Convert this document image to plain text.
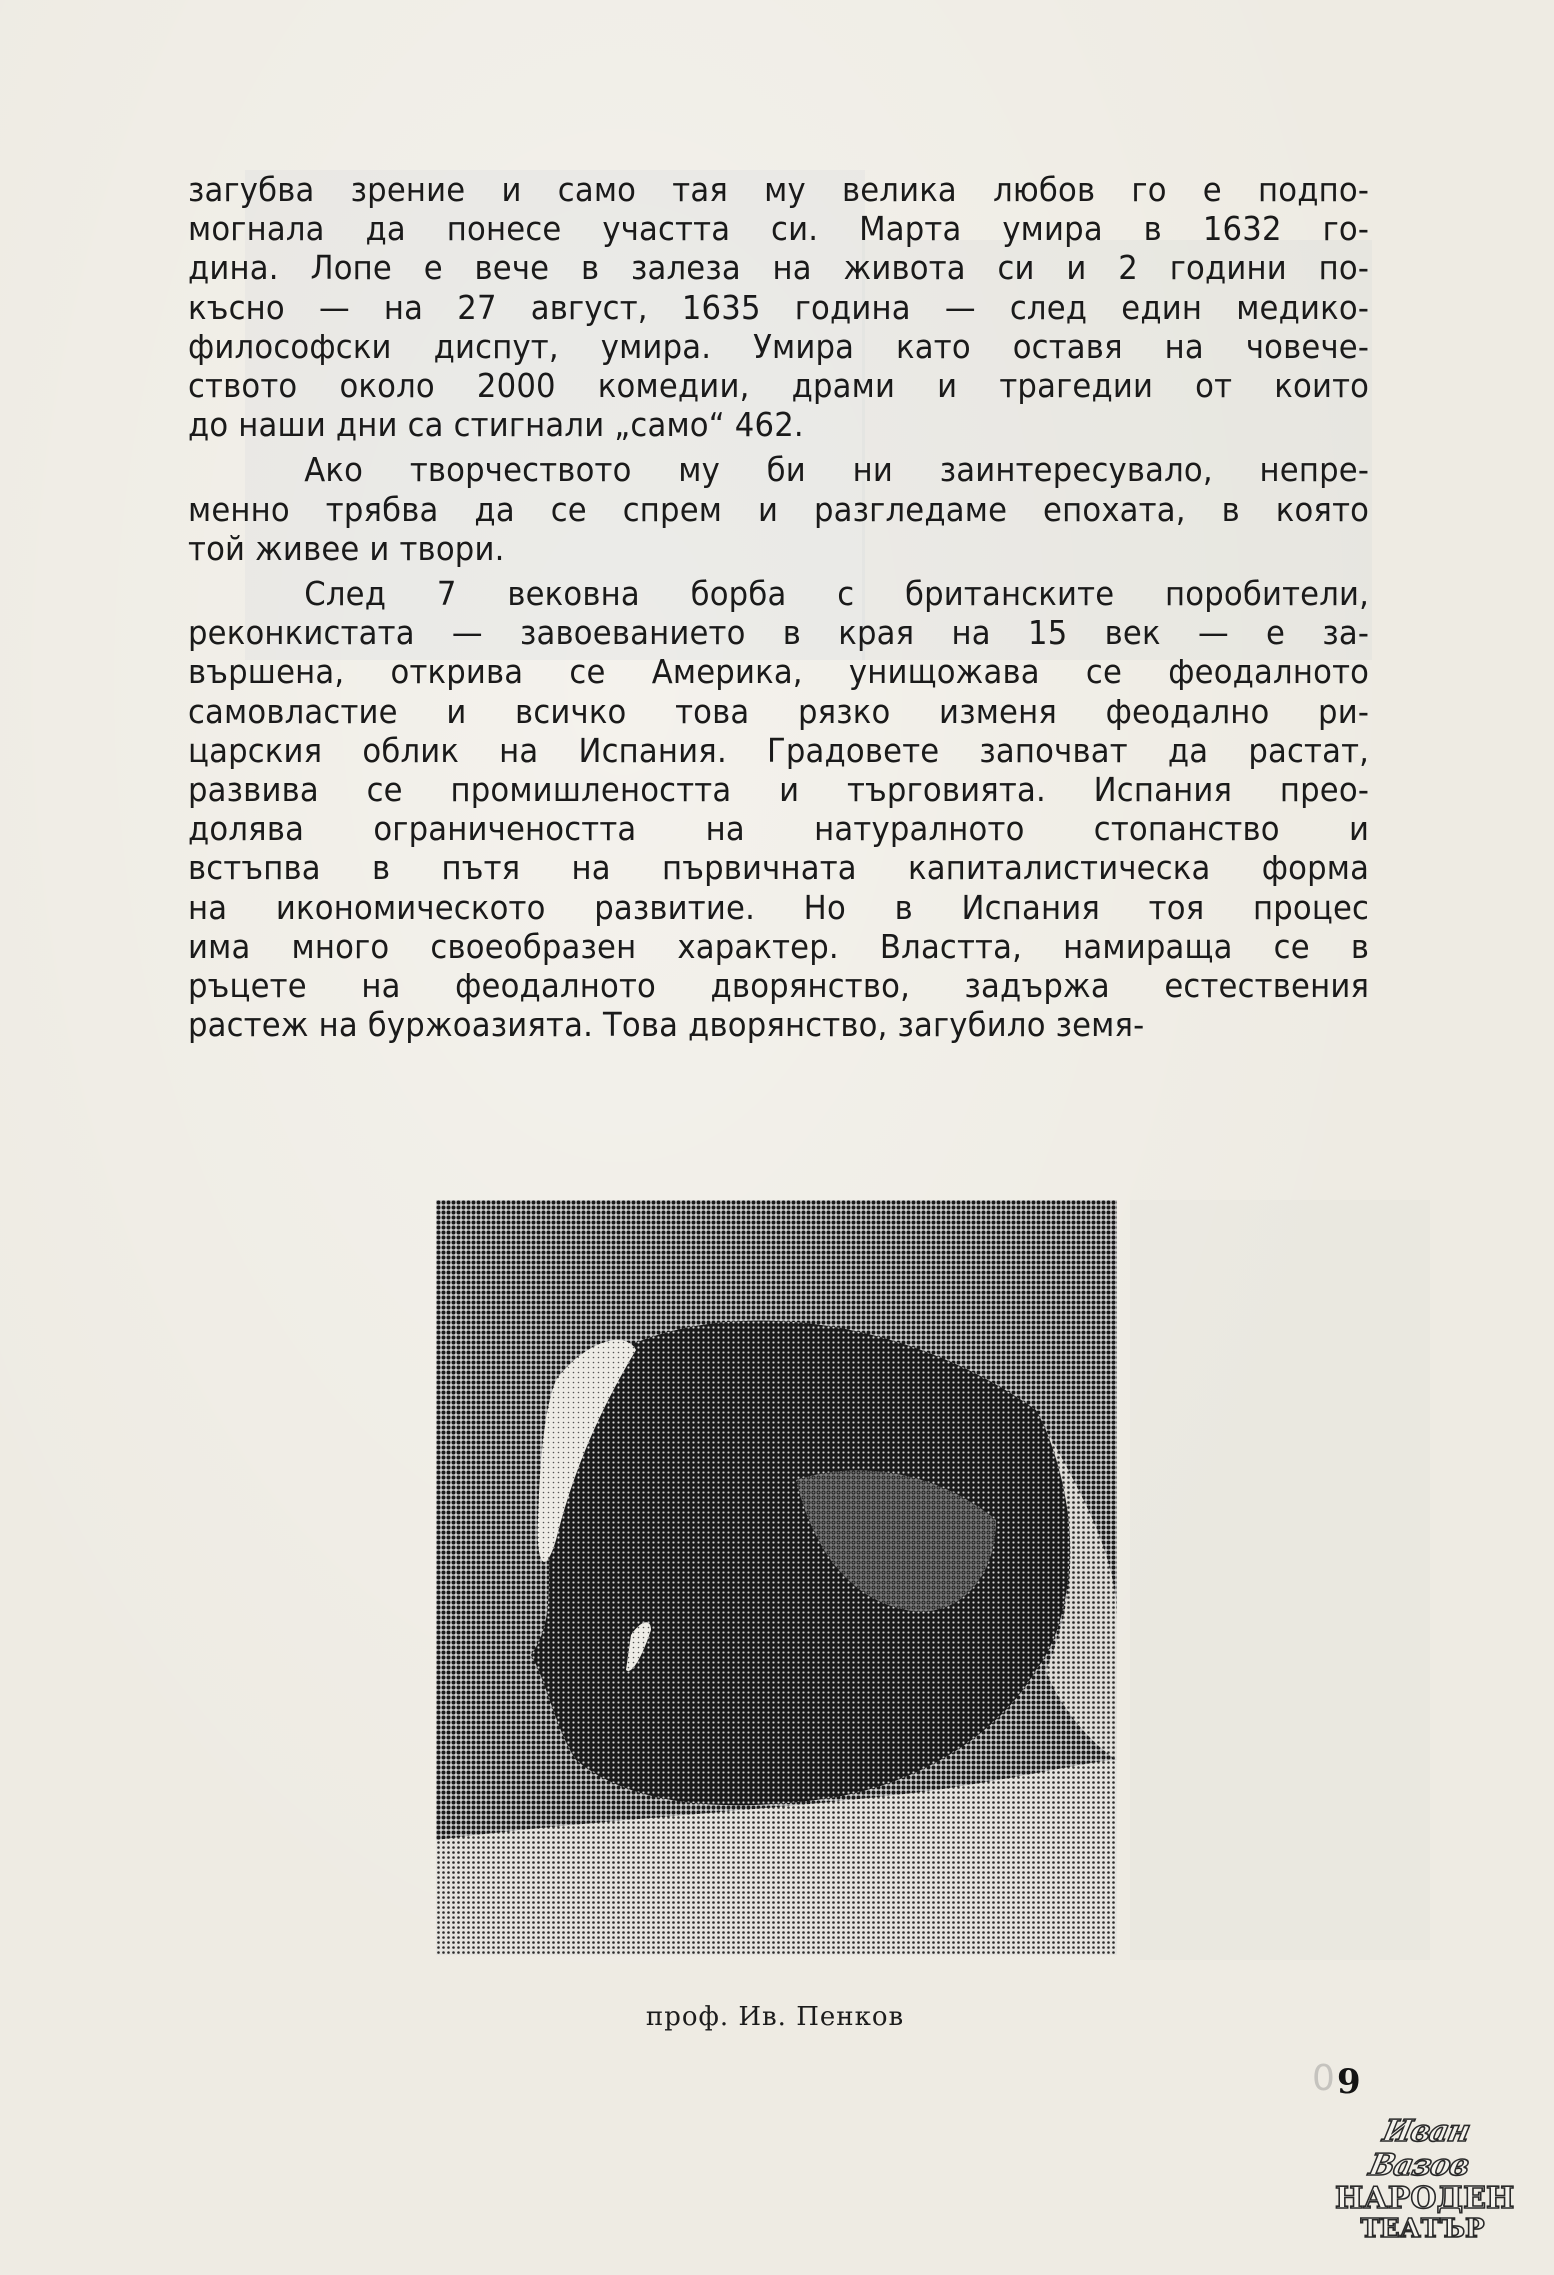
загубва зрение и само тая му велика любов го е подпо-
могнала да понесе участта си. Марта умира в 1632 го-
дина. Лопе е вече в залеза на живота си и 2 години по-
късно — на 27 август, 1635 година — след един медико-
философски диспут, умира. Умира като оставя на човече-
ството около 2000 комедии, драми и трагедии от които
до наши дни са стигнали „само“ 462.
Ако творчеството му би ни заинтересувало, непре-
менно трябва да се спрем и разгледаме епохата, в която
той живее и твори.
След 7 вековна борба с британските поробители,
реконкистата — завоеванието в края на 15 век — е за-
вършена, открива се Америка, унищожава се феодалното
самовластие и всичко това рязко изменя феодално ри-
царския облик на Испания. Градовете започват да растат,
развива се промишлеността и търговията. Испания прео-
долява ограничеността на натуралното стопанство и
встъпва в пътя на първичната капиталистическа форма
на икономическото развитие. Но в Испания тоя процес
има много своеобразен характер. Властта, намираща се в
ръцете на феодалното дворянство, задържа естествения
растеж на буржоазията. Това дворянство, загубило земя-
проф. Ив. Пенков
0
9
Иван Вазов
НАРОДЕН
ТЕАТЪР
